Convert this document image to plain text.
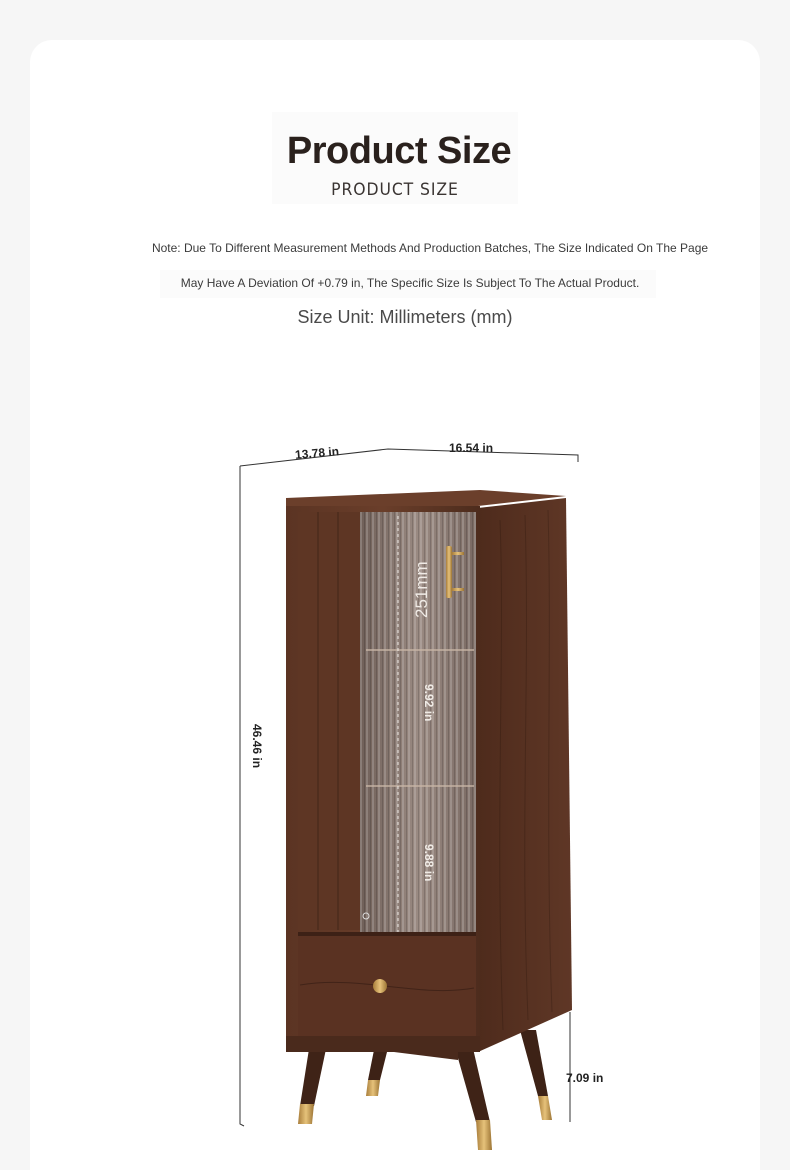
Product Size
PRODUCT SIZE
Note: Due To Different Measurement Methods And Production Batches, The Size Indicated On The Page
May Have A Deviation Of +0.79 in, The Specific Size Is Subject To The Actual Product.
Size Unit: Millimeters (mm)
13.78 in	16.54 in
46.46 in
251mm
9.92 in
9.88 in
7.09 in
